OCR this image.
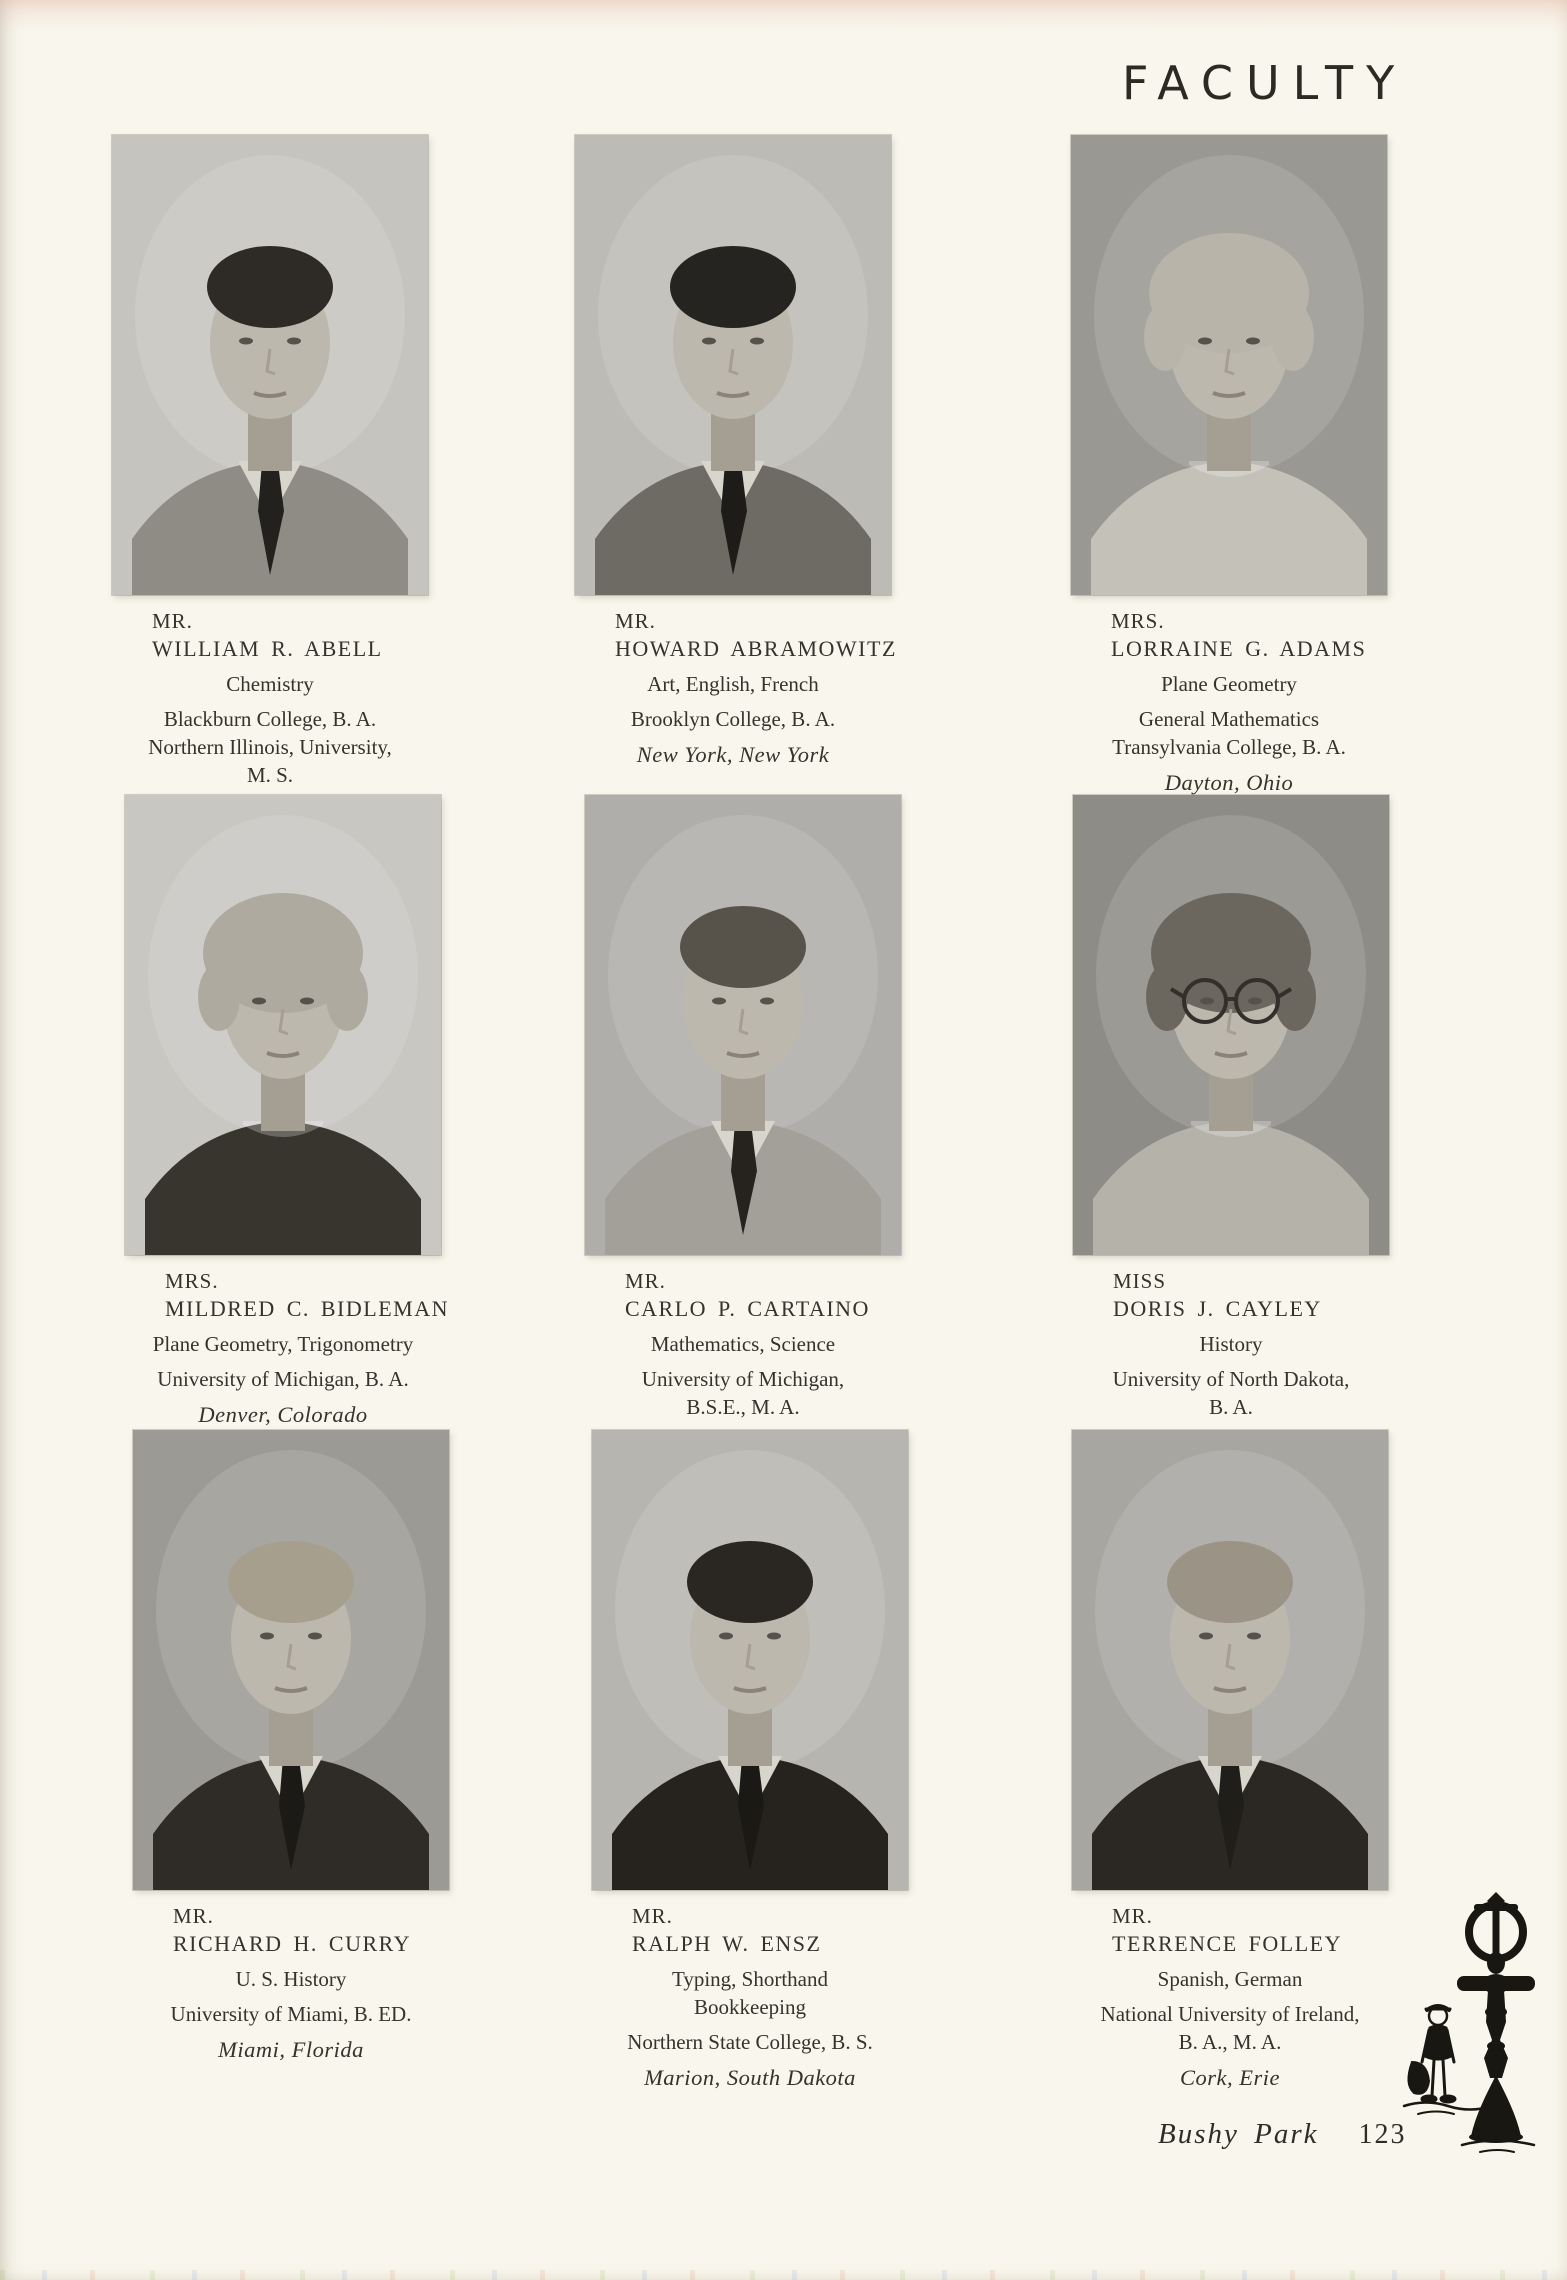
FACULTY
MR.
WILLIAM R. ABELL
Chemistry
Blackburn College, B. A.
Northern Illinois, University,
M. S.
MR.
HOWARD ABRAMOWITZ
Art, English, French
Brooklyn College, B. A.
New York, New York
MRS.
LORRAINE G. ADAMS
Plane Geometry
General Mathematics
Transylvania College, B. A.
Dayton, Ohio
MRS.
MILDRED C. BIDLEMAN
Plane Geometry, Trigonometry
University of Michigan, B. A.
Denver, Colorado
MR.
CARLO P. CARTAINO
Mathematics, Science
University of Michigan,
B.S.E., M. A.
MISS
DORIS J. CAYLEY
History
University of North Dakota,
B. A.
MR.
RICHARD H. CURRY
U. S. History
University of Miami, B. ED.
Miami, Florida
MR.
RALPH W. ENSZ
Typing, Shorthand
Bookkeeping
Northern State College, B. S.
Marion, South Dakota
MR.
TERRENCE FOLLEY
Spanish, German
National University of Ireland,
B. A., M. A.
Cork, Erie
Bushy Park 123
